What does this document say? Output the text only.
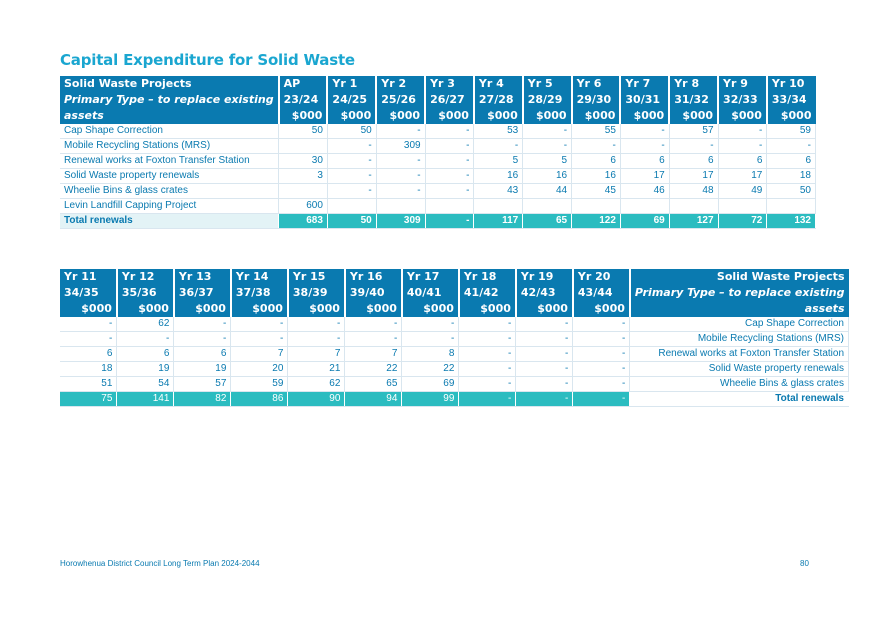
Capital Expenditure for Solid Waste
Solid Waste Projects	AP	Yr 1	Yr 2	Yr 3	Yr 4	Yr 5	Yr 6	Yr 7	Yr 8	Yr 9	Yr 10
Primary Type – to replace existing	23/24	24/25	25/26	26/27	27/28	28/29	29/30	30/31	31/32	32/33	33/34
assets	$000	$000	$000	$000	$000	$000	$000	$000	$000	$000	$000
Cap Shape Correction	50	50	-	-	53	-	55	-	57	-	59
Mobile Recycling Stations (MRS)		-	309	-	-	-	-	-	-	-	-
Renewal works at Foxton Transfer Station	30	-	-	-	5	5	6	6	6	6	6
Solid Waste property renewals	3	-	-	-	16	16	16	17	17	17	18
Wheelie Bins & glass crates		-	-	-	43	44	45	46	48	49	50
Levin Landfill Capping Project	600										
Total renewals	683	50	309	-	117	65	122	69	127	72	132
Yr 11	Yr 12	Yr 13	Yr 14	Yr 15	Yr 16	Yr 17	Yr 18	Yr 19	Yr 20	Solid Waste Projects
34/35	35/36	36/37	37/38	38/39	39/40	40/41	41/42	42/43	43/44	Primary Type – to replace existing
$000	$000	$000	$000	$000	$000	$000	$000	$000	$000	assets
-	62	-	-	-	-	-	-	-	-	Cap Shape Correction
-	-	-	-	-	-	-	-	-	-	Mobile Recycling Stations (MRS)
6	6	6	7	7	7	8	-	-	-	Renewal works at Foxton Transfer Station
18	19	19	20	21	22	22	-	-	-	Solid Waste property renewals
51	54	57	59	62	65	69	-	-	-	Wheelie Bins & glass crates
75	141	82	86	90	94	99	-	-	-	Total renewals
Horowhenua District Council Long Term Plan 2024-2044	80
